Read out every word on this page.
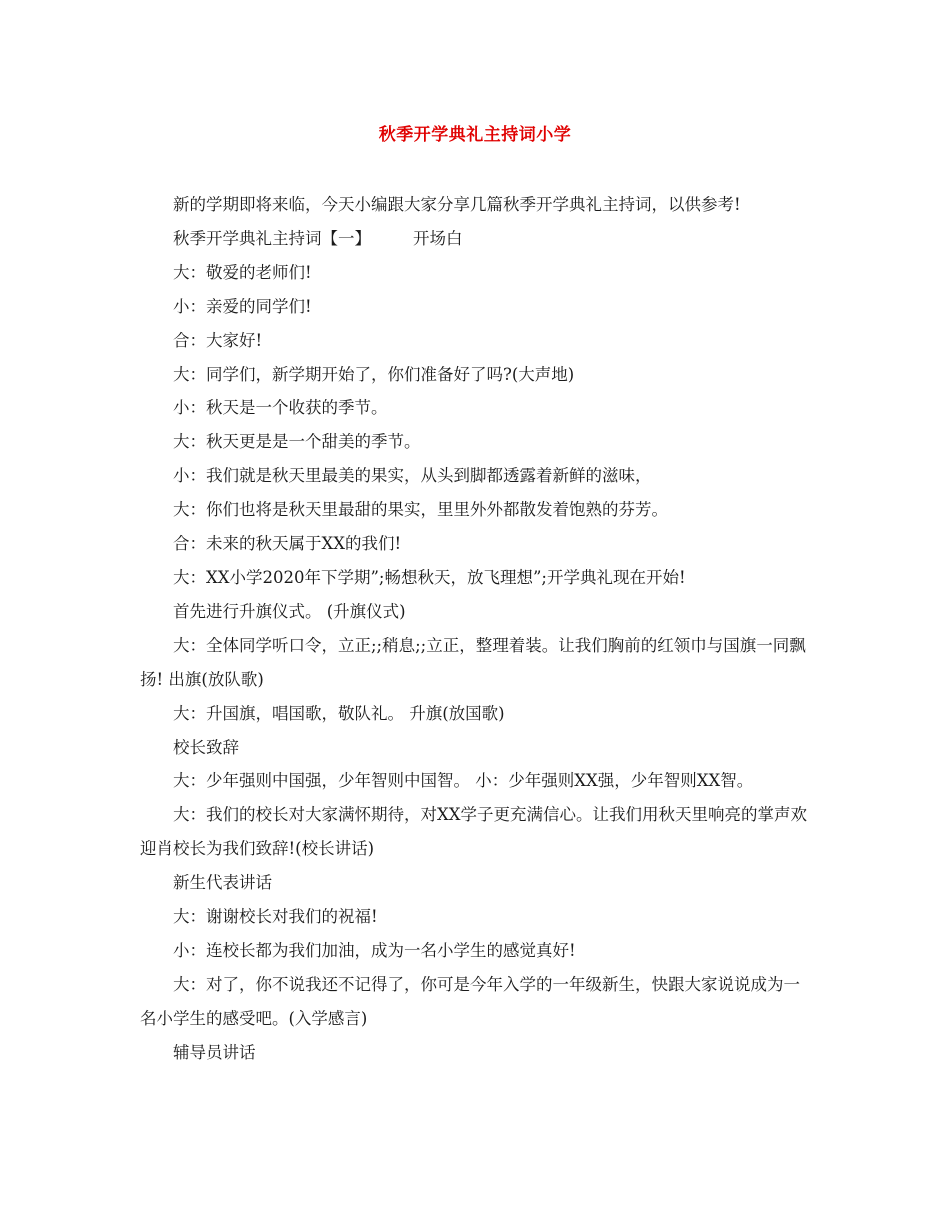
秋季开学典礼主持词小学

新的学期即将来临，今天小编跟大家分享几篇秋季开学典礼主持词，以供参考!

秋季开学典礼主持词【一】        开场白

大：敬爱的老师们!

小：亲爱的同学们!

合：大家好!

大：同学们，新学期开始了，你们准备好了吗?(大声地)

小：秋天是一个收获的季节。

大：秋天更是是一个甜美的季节。

小：我们就是秋天里最美的果实，从头到脚都透露着新鲜的滋味，

大：你们也将是秋天里最甜的果实，里里外外都散发着饱熟的芬芳。

合：未来的秋天属于XX的我们!

大：XX小学2020年下学期”;畅想秋天，放飞理想”;开学典礼现在开始!

首先进行升旗仪式。 (升旗仪式)

大：全体同学听口令，立正;;稍息;;立正，整理着装。让我们胸前的红领巾与国旗一同飘扬! 出旗(放队歌)

大：升国旗，唱国歌，敬队礼。 升旗(放国歌)

校长致辞

大：少年强则中国强，少年智则中国智。 小：少年强则XX强，少年智则XX智。

大：我们的校长对大家满怀期待，对XX学子更充满信心。让我们用秋天里响亮的掌声欢迎肖校长为我们致辞!(校长讲话)

新生代表讲话

大：谢谢校长对我们的祝福!

小：连校长都为我们加油，成为一名小学生的感觉真好!

大：对了，你不说我还不记得了，你可是今年入学的一年级新生，快跟大家说说成为一名小学生的感受吧。(入学感言)

辅导员讲话
